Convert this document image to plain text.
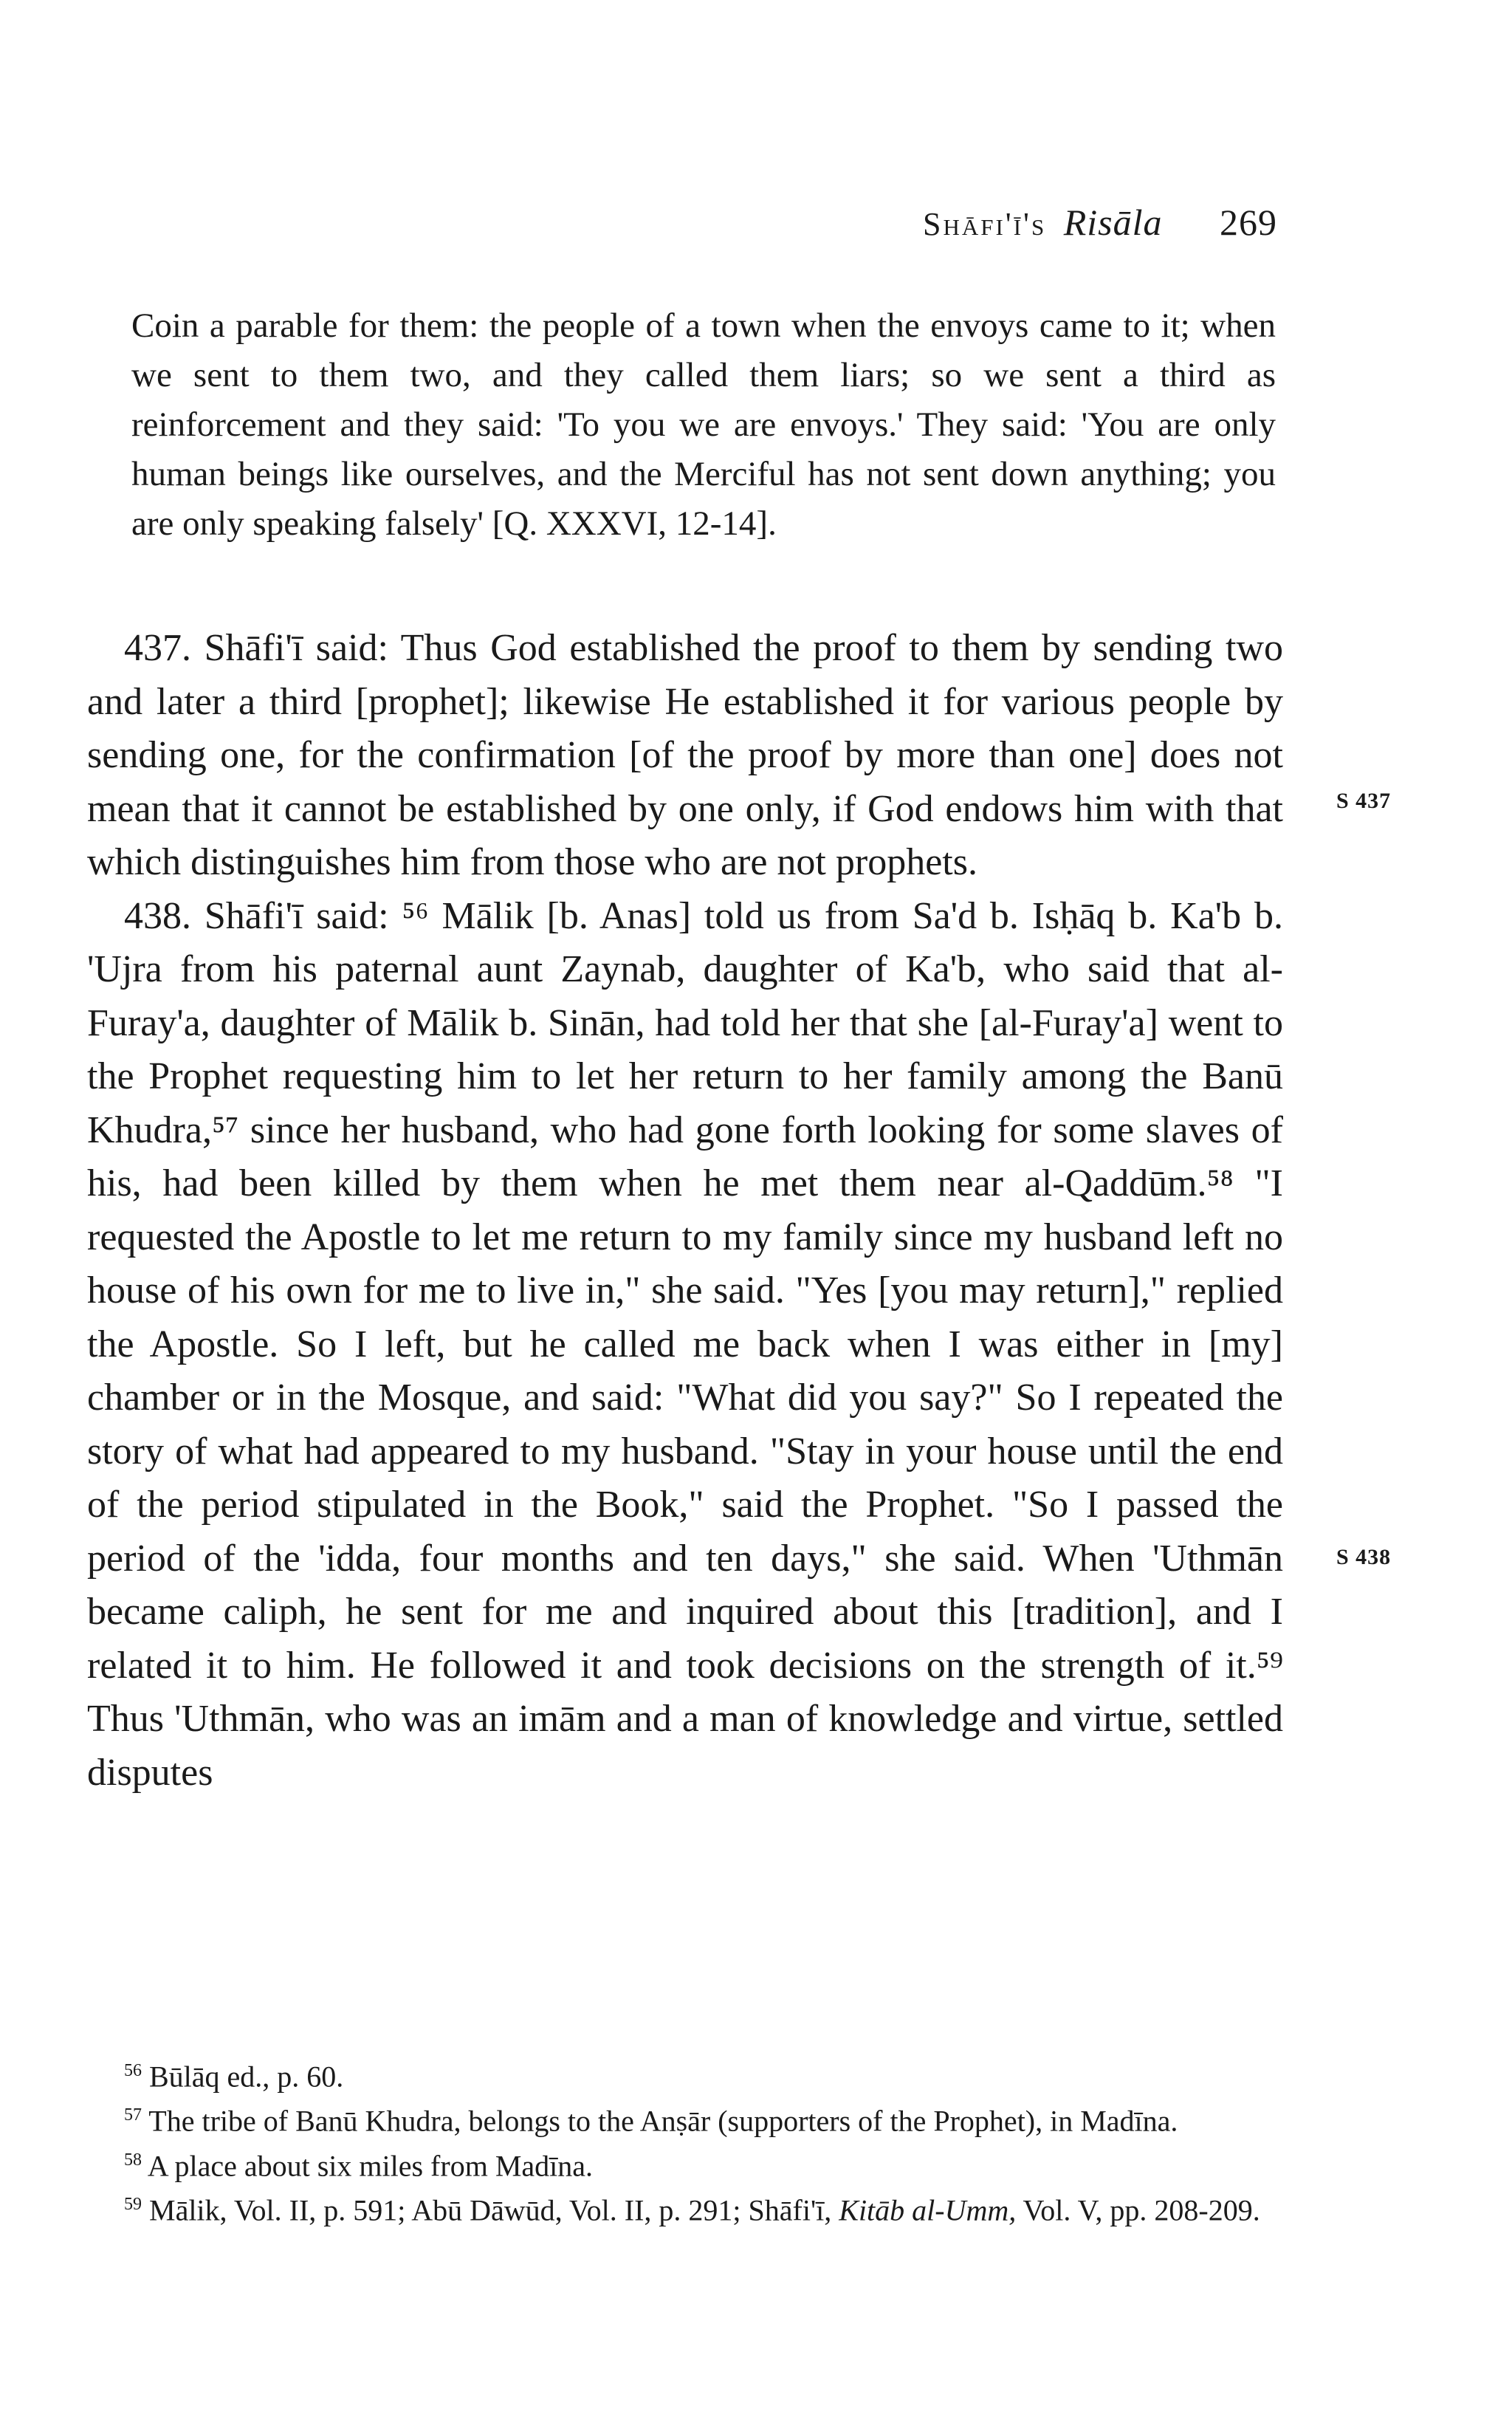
Shāfi'ī's Risāla 269
Coin a parable for them: the people of a town when the envoys came to it; when we sent to them two, and they called them liars; so we sent a third as reinforcement and they said: 'To you we are envoys.' They said: 'You are only human beings like ourselves, and the Merciful has not sent down anything; you are only speaking falsely' [Q. XXXVI, 12-14].

437. Shāfi'ī said: Thus God established the proof to them by sending two and later a third [prophet]; likewise He established it for various people by sending one, for the confirmation [of the proof by more than one] does not mean that it cannot be established by one only, if God endows him with that which distinguishes him from those who are not prophets.

438. Shāfi'ī said: ⁵⁶ Mālik [b. Anas] told us from Sa'd b. Isḥāq b. Ka'b b. 'Ujra from his paternal aunt Zaynab, daughter of Ka'b, who said that al-Furay'a, daughter of Mālik b. Sinān, had told her that she [al-Furay'a] went to the Prophet requesting him to let her return to her family among the Banū Khudra,⁵⁷ since her husband, who had gone forth looking for some slaves of his, had been killed by them when he met them near al-Qaddūm.⁵⁸ "I requested the Apostle to let me return to my family since my husband left no house of his own for me to live in," she said. "Yes [you may return]," replied the Apostle. So I left, but he called me back when I was either in [my] chamber or in the Mosque, and said: "What did you say?" So I repeated the story of what had appeared to my husband. "Stay in your house until the end of the period stipulated in the Book," said the Prophet. "So I passed the period of the 'idda, four months and ten days," she said. When 'Uthmān became caliph, he sent for me and inquired about this [tradition], and I related it to him. He followed it and took decisions on the strength of it.⁵⁹ Thus 'Uthmān, who was an imām and a man of knowledge and virtue, settled disputes

S 437
S 438

$^{56}$ Būlāq ed., p. 60.

$^{57}$ The tribe of Banū Khudra, belongs to the Anṣār (supporters of the Prophet), in Madīna.

$^{58}$ A place about six miles from Madīna.

$^{59}$ Mālik, Vol. II, p. 591; Abū Dāwūd, Vol. II, p. 291; Shāfi'ī, Kitāb al-Umm, Vol. V, pp. 208-209.
